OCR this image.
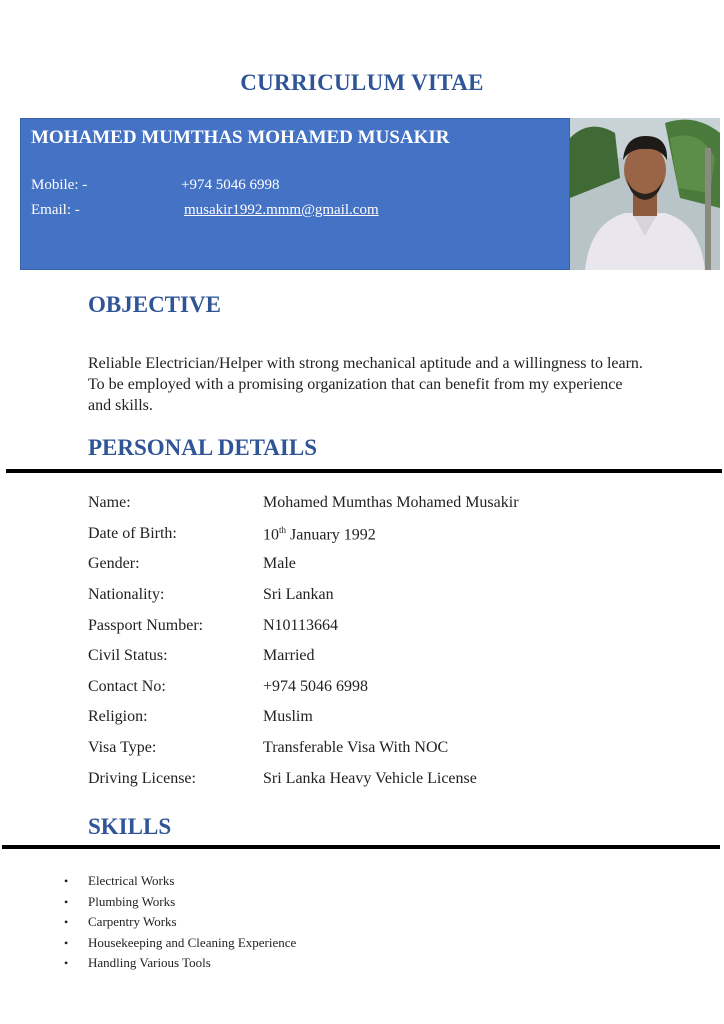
CURRICULUM VITAE
MOHAMED MUMTHAS MOHAMED MUSAKIR
Mobile: -	+974 5046 6998
Email: -	musakir1992.mmm@gmail.com
OBJECTIVE
Reliable Electrician/Helper with strong mechanical aptitude and a willingness to learn. To be employed with a promising organization that can benefit from my experience and skills.
PERSONAL DETAILS
Name:	Mohamed Mumthas Mohamed Musakir
Date of Birth:	10th January 1992
Gender:	Male
Nationality:	Sri Lankan
Passport Number:	N10113664
Civil Status:	Married
Contact No:	+974 5046 6998
Religion:	Muslim
Visa Type:	Transferable Visa With NOC
Driving License:	Sri Lanka Heavy Vehicle License
SKILLS
• Electrical Works
• Plumbing Works
• Carpentry Works
• Housekeeping and Cleaning Experience
• Handling Various Tools
